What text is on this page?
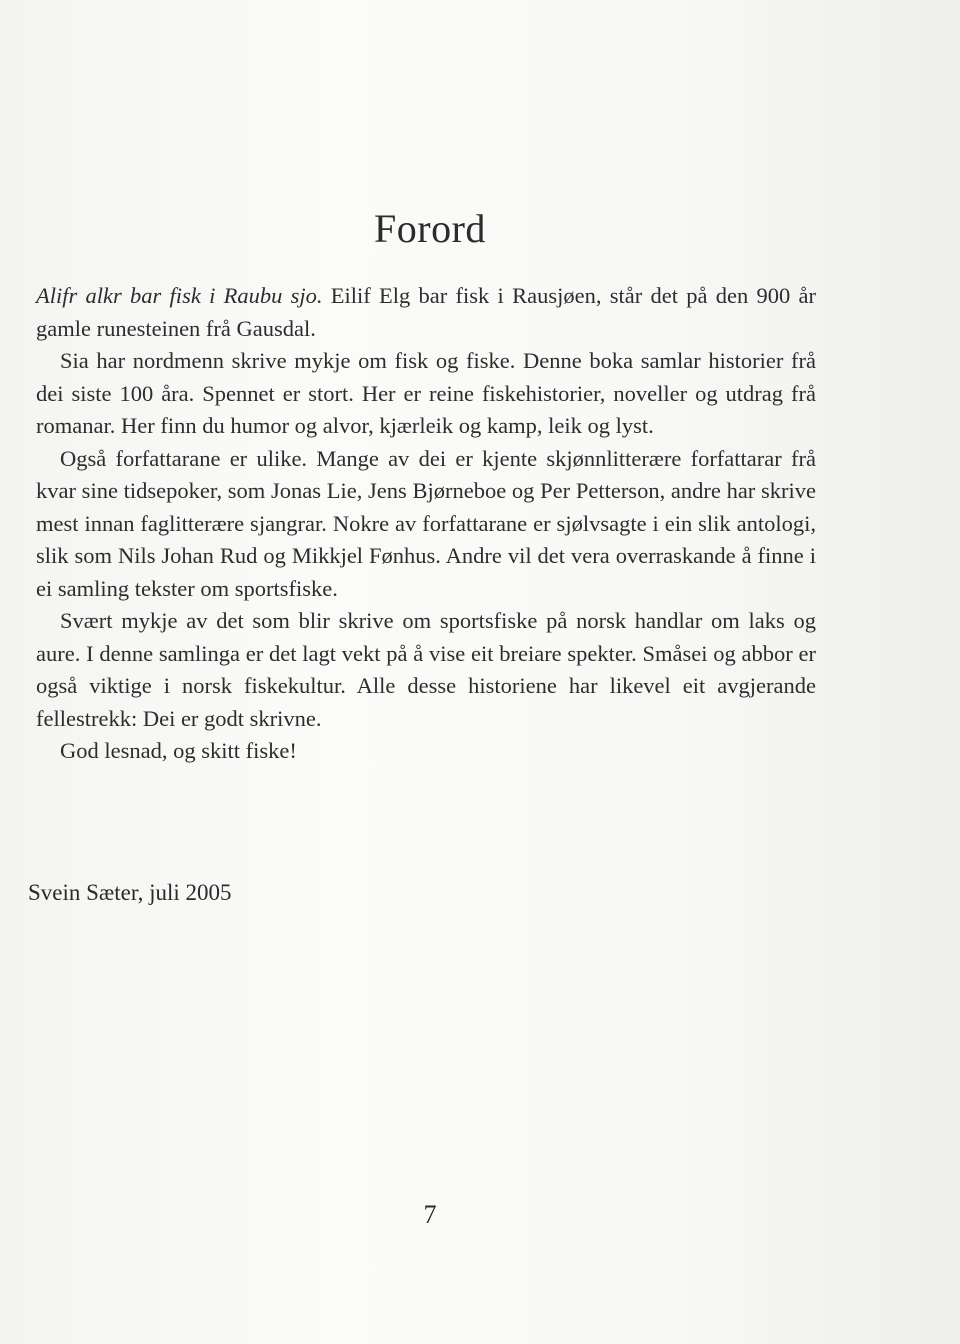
Forord

Alifr alkr bar fisk i Raubu sjo. Eilif Elg bar fisk i Rausjøen, står det på den 900 år gamle runesteinen frå Gausdal.

Sia har nordmenn skrive mykje om fisk og fiske. Denne boka samlar historier frå dei siste 100 åra. Spennet er stort. Her er reine fiskehistorier, noveller og utdrag frå romanar. Her finn du humor og alvor, kjærleik og kamp, leik og lyst.

Også forfattarane er ulike. Mange av dei er kjente skjønnlitterære forfattarar frå kvar sine tidsepoker, som Jonas Lie, Jens Bjørneboe og Per Petterson, andre har skrive mest innan faglitterære sjangrar. Nokre av forfattarane er sjølvsagte i ein slik antologi, slik som Nils Johan Rud og Mikkjel Fønhus. Andre vil det vera overraskande å finne i ei samling tekster om sportsfiske.

Svært mykje av det som blir skrive om sportsfiske på norsk handlar om laks og aure. I denne samlinga er det lagt vekt på å vise eit breiare spekter. Småsei og abbor er også viktige i norsk fiskekultur. Alle desse historiene har likevel eit avgjerande fellestrekk: Dei er godt skrivne.

God lesnad, og skitt fiske!

Svein Sæter, juli 2005
7
